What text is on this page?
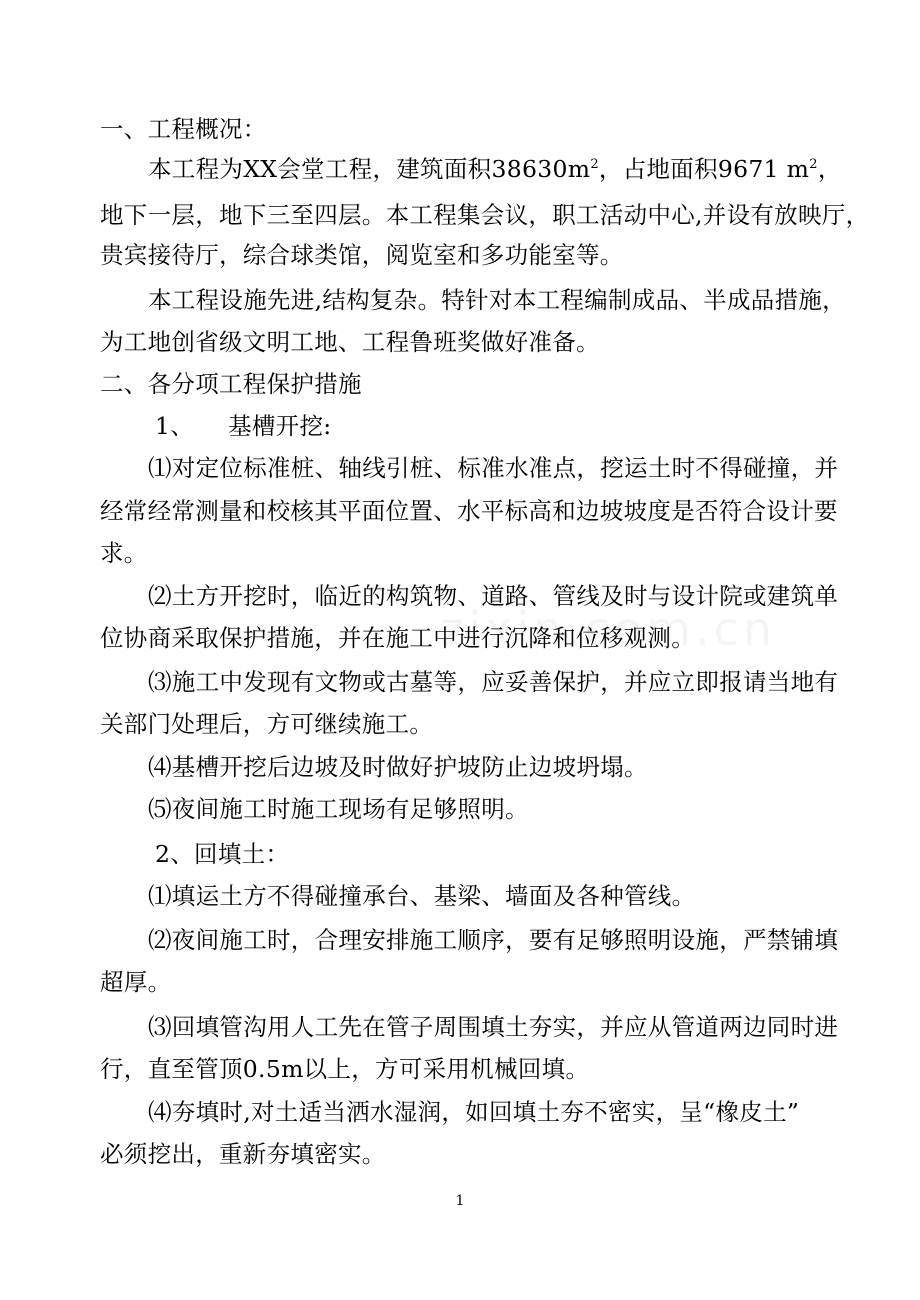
一、工程概况：
本工程为XX会堂工程，建筑面积$38630m^2$，占地面积9671 $m^2$，
地下一层，地下三至四层。本工程集会议，职工活动中心,并设有放映厅，
贵宾接待厅，综合球类馆，阅览室和多功能室等。
本工程设施先进,结构复杂。特针对本工程编制成品、半成品措施，
为工地创省级文明工地、工程鲁班奖做好准备。
二、各分项工程保护措施
1、 基槽开挖:
⑴对定位标准桩、轴线引桩、标准水准点，挖运土时不得碰撞，并
经常经常测量和校核其平面位置、水平标高和边坡坡度是否符合设计要
求。
⑵土方开挖时，临近的构筑物、道路、管线及时与设计院或建筑单
位协商采取保护措施，并在施工中进行沉降和位移观测。
⑶施工中发现有文物或古墓等，应妥善保护，并应立即报请当地有
关部门处理后，方可继续施工。
⑷基槽开挖后边坡及时做好护坡防止边坡坍塌。
⑸夜间施工时施工现场有足够照明。
2、回填土：
⑴填运土方不得碰撞承台、基梁、墙面及各种管线。
⑵夜间施工时，合理安排施工顺序，要有足够照明设施，严禁铺填
超厚。
⑶回填管沟用人工先在管子周围填土夯实，并应从管道两边同时进
行，直至管顶0.5m以上，方可采用机械回填。
⑷夯填时,对土适当洒水湿润，如回填土夯不密实，呈“橡皮土”
必须挖出，重新夯填密实。
1
